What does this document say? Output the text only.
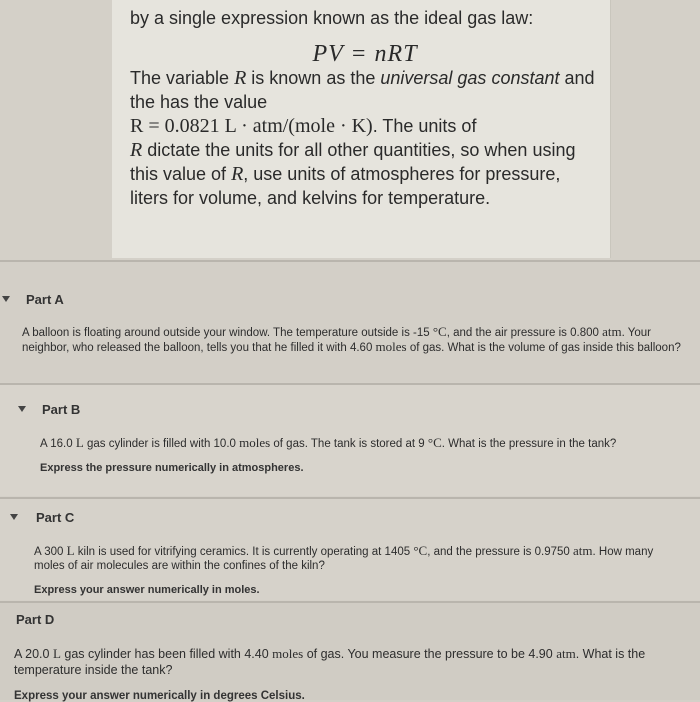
by a single expression known as the ideal gas law:
PV = nRT
The variable R is known as the universal gas constant and the has the value
R = 0.0821 L · atm/(mole · K). The units of
R dictate the units for all other quantities, so when using this value of R, use units of atmospheres for pressure, liters for volume, and kelvins for temperature.
Part A
A balloon is floating around outside your window. The temperature outside is -15 °C, and the air pressure is 0.800 atm. Your neighbor, who released the balloon, tells you that he filled it with 4.60 moles of gas. What is the volume of gas inside this balloon?
Part B
A 16.0 L gas cylinder is filled with 10.0 moles of gas. The tank is stored at 9 °C. What is the pressure in the tank?
Express the pressure numerically in atmospheres.
Part C
A 300 L kiln is used for vitrifying ceramics. It is currently operating at 1405 °C, and the pressure is 0.9750 atm. How many moles of air molecules are within the confines of the kiln?
Express your answer numerically in moles.
Part D
A 20.0 L gas cylinder has been filled with 4.40 moles of gas. You measure the pressure to be 4.90 atm. What is the temperature inside the tank?
Express your answer numerically in degrees Celsius.
